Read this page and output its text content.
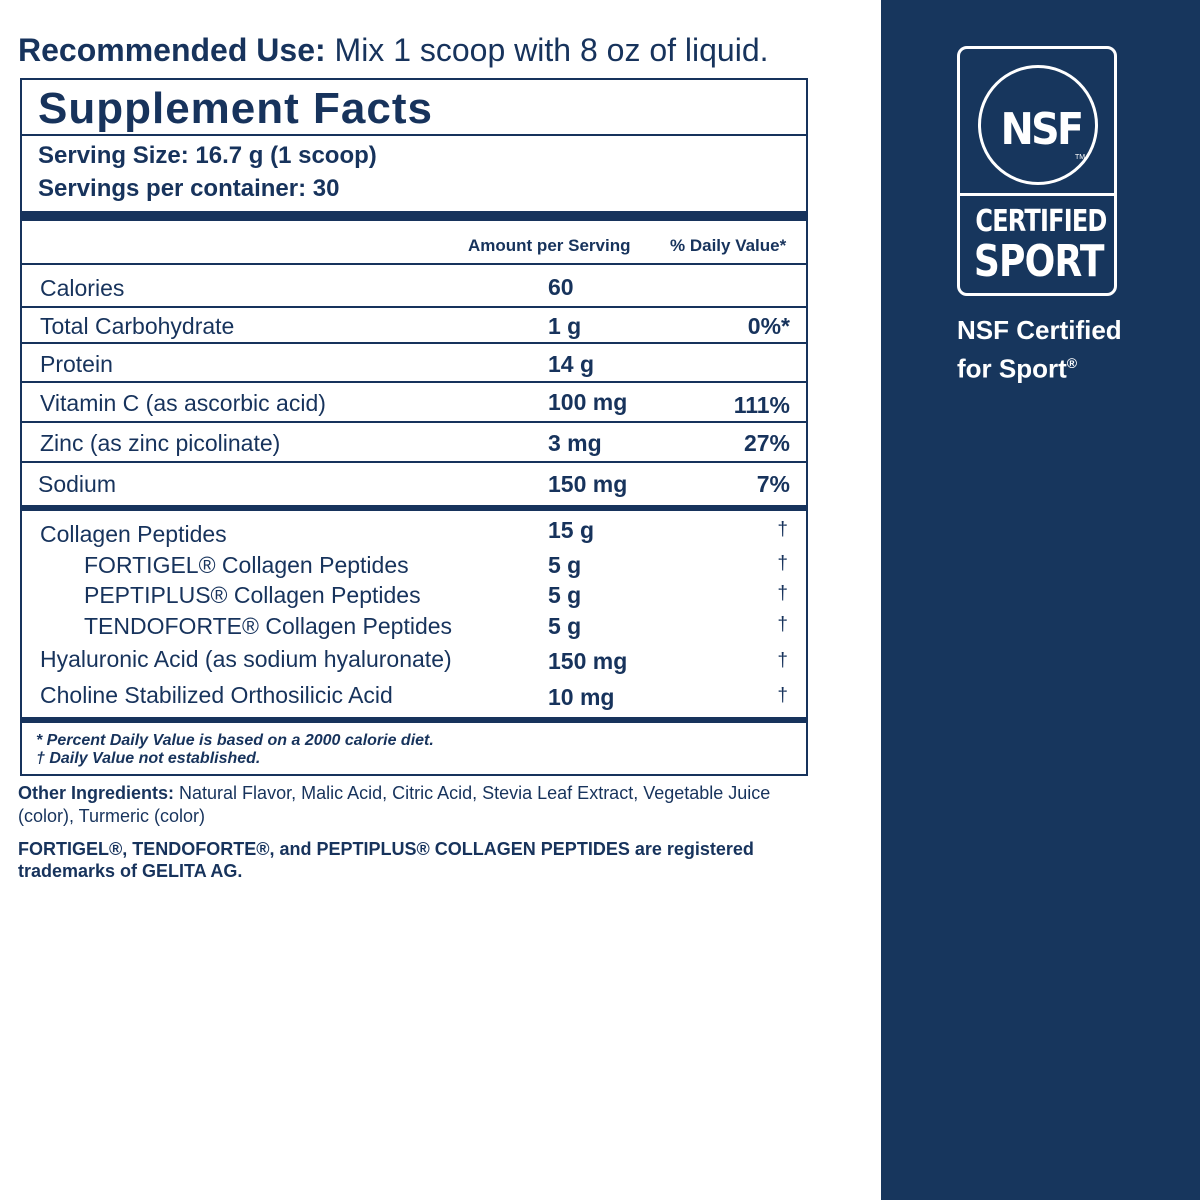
Recommended Use: Mix 1 scoop with 8 oz of liquid.
Supplement Facts
Serving Size: 16.7 g (1 scoop)
Servings per container: 30
Amount per Serving % Daily Value*
Calories	60
Total Carbohydrate	1 g	0%*
Protein	14 g
Vitamin C (as ascorbic acid)	100 mg	111%
Zinc (as zinc picolinate)	3 mg	27%
Sodium	150 mg	7%
Collagen Peptides	15 g	†
FORTIGEL® Collagen Peptides	5 g	†
PEPTIPLUS® Collagen Peptides	5 g	†
TENDOFORTE® Collagen Peptides	5 g	†
Hyaluronic Acid (as sodium hyaluronate)	150 mg	†
Choline Stabilized Orthosilicic Acid	10 mg	†
* Percent Daily Value is based on a 2000 calorie diet.
† Daily Value not established.
Other Ingredients: Natural Flavor, Malic Acid, Citric Acid, Stevia Leaf Extract, Vegetable Juice (color), Turmeric (color)
FORTIGEL®, TENDOFORTE®, and PEPTIPLUS® COLLAGEN PEPTIDES are registered trademarks of GELITA AG.
NSF
TM
CERTIFIED
SPORT
NSF Certified
for Sport®
